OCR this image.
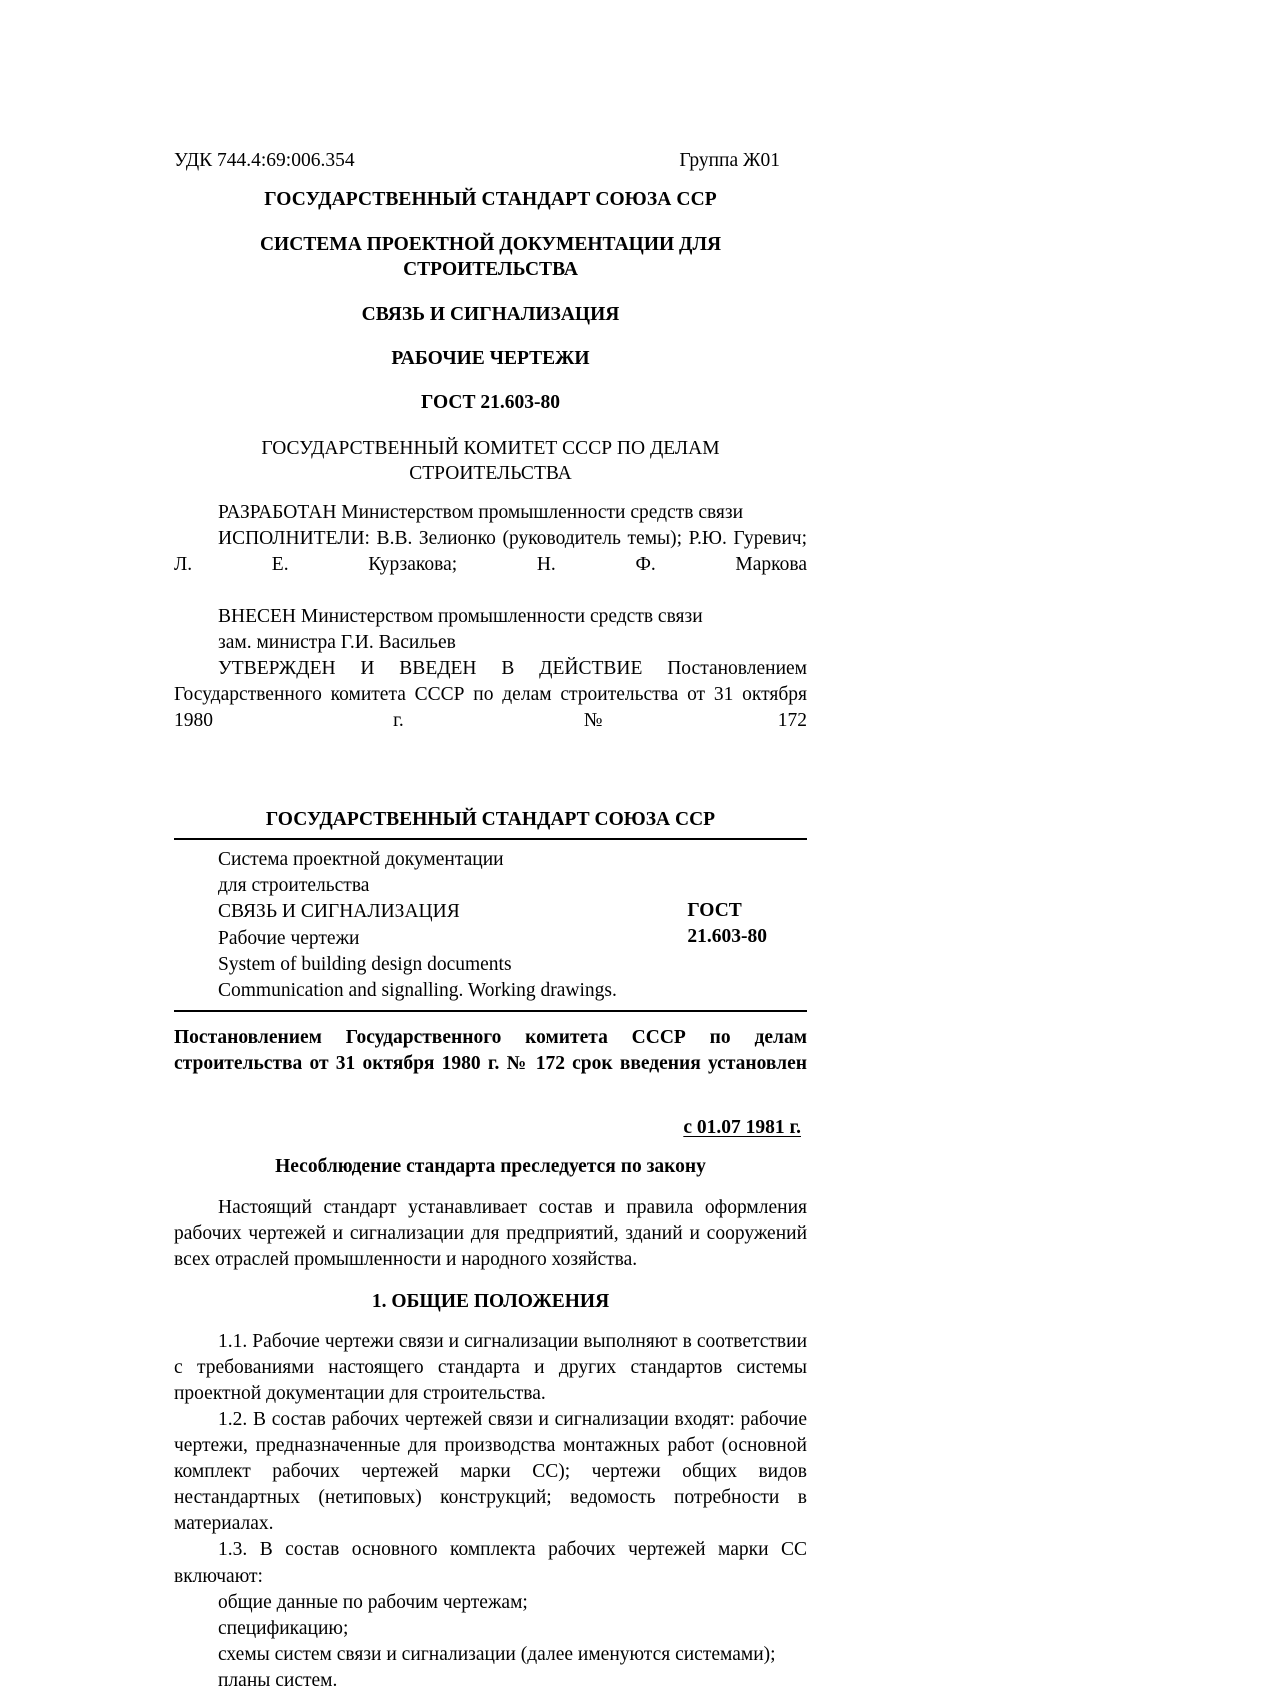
УДК 744.4:69:006.354	Группа Ж01
ГОСУДАРСТВЕННЫЙ СТАНДАРТ СОЮЗА ССР
СИСТЕМА ПРОЕКТНОЙ ДОКУМЕНТАЦИИ ДЛЯ СТРОИТЕЛЬСТВА
СВЯЗЬ И СИГНАЛИЗАЦИЯ
РАБОЧИЕ ЧЕРТЕЖИ
ГОСТ 21.603-80
ГОСУДАРСТВЕННЫЙ КОМИТЕТ СССР ПО ДЕЛАМ СТРОИТЕЛЬСТВА

РАЗРАБОТАН Министерством промышленности средств связи

ИСПОЛНИТЕЛИ: В.В. Зелионко (руководитель темы); Р.Ю. Гуревич; Л. Е. Курзакова; Н. Ф. Маркова

ВНЕСЕН Министерством промышленности средств связи

зам. министра Г.И. Васильев

УТВЕРЖДЕН И ВВЕДЕН В ДЕЙСТВИЕ Постановлением Государственного комитета СССР по делам строительства от 31 октября 1980 г. №172

ГОСУДАРСТВЕННЫЙ СТАНДАРТ СОЮЗА ССР
Система проектной документации
для строительства
СВЯЗЬ И СИГНАЛИЗАЦИЯ
Рабочие чертежи
System of building design documents
Communication and signalling. Working drawings.
ГОСТ
21.603-80
Постановлением Государственного комитета СССР по делам строительства от 31 октября 1980 г. № 172 срок введения установлен
с 01.07 1981 г.
Несоблюдение стандарта преследуется по закону

Настоящий стандарт устанавливает состав и правила оформления рабочих чертежей и сигнализации для предприятий, зданий и сооружений всех отраслей промышленности и народного хозяйства.

1. ОБЩИЕ ПОЛОЖЕНИЯ

1.1. Рабочие чертежи связи и сигнализации выполняют в соответствии с требованиями настоящего стандарта и других стандартов системы проектной документации для строительства.

1.2. В состав рабочих чертежей связи и сигнализации входят: рабочие чертежи, предназначенные для производства монтажных работ (основной комплект рабочих чертежей марки СС); чертежи общих видов нестандартных (нетиповых) конструкций; ведомость потребности в материалах.

1.3. В состав основного комплекта рабочих чертежей марки СС включают:

общие данные по рабочим чертежам;

спецификацию;

схемы систем связи и сигнализации (далее именуются системами);

планы систем.
